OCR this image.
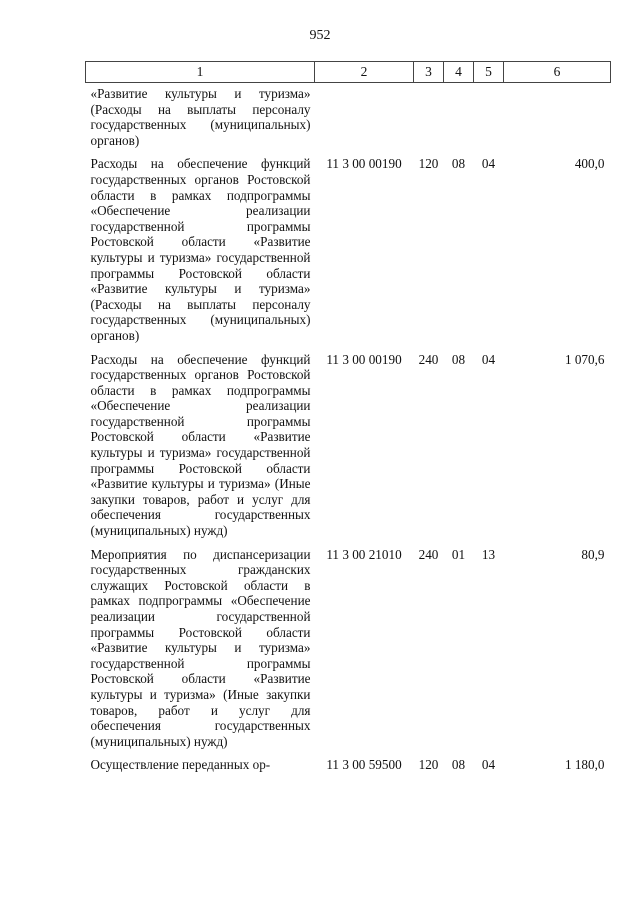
952
1	2	3	4	5	6
«Развитие культуры и туризма» (Расходы на выплаты персоналу государственных (муниципальных) органов)					
Расходы на обеспечение функций государственных органов Ростовской области в рамках подпрограммы «Обеспечение реализации государственной программы Ростовской области «Развитие культуры и туризма» государственной программы Ростовской области «Развитие культуры и туризма» (Расходы на выплаты персоналу государственных (муниципальных) органов)	11 3 00 00190	120	08	04	400,0
Расходы на обеспечение функций государственных органов Ростовской области в рамках подпрограммы «Обеспечение реализации государственной программы Ростовской области «Развитие культуры и туризма» государственной программы Ростовской области «Развитие культуры и туризма» (Иные закупки товаров, работ и услуг для обеспечения государственных (муниципальных) нужд)	11 3 00 00190	240	08	04	1 070,6
Мероприятия по диспансеризации государственных гражданских служащих Ростовской области в рамках подпрограммы «Обеспечение реализации государственной программы Ростовской области «Развитие культуры и туризма» государственной программы Ростовской области «Развитие культуры и туризма» (Иные закупки товаров, работ и услуг для обеспечения государственных (муниципальных) нужд)	11 3 00 21010	240	01	13	80,9
Осуществление переданных ор-	11 3 00 59500	120	08	04	1 180,0
